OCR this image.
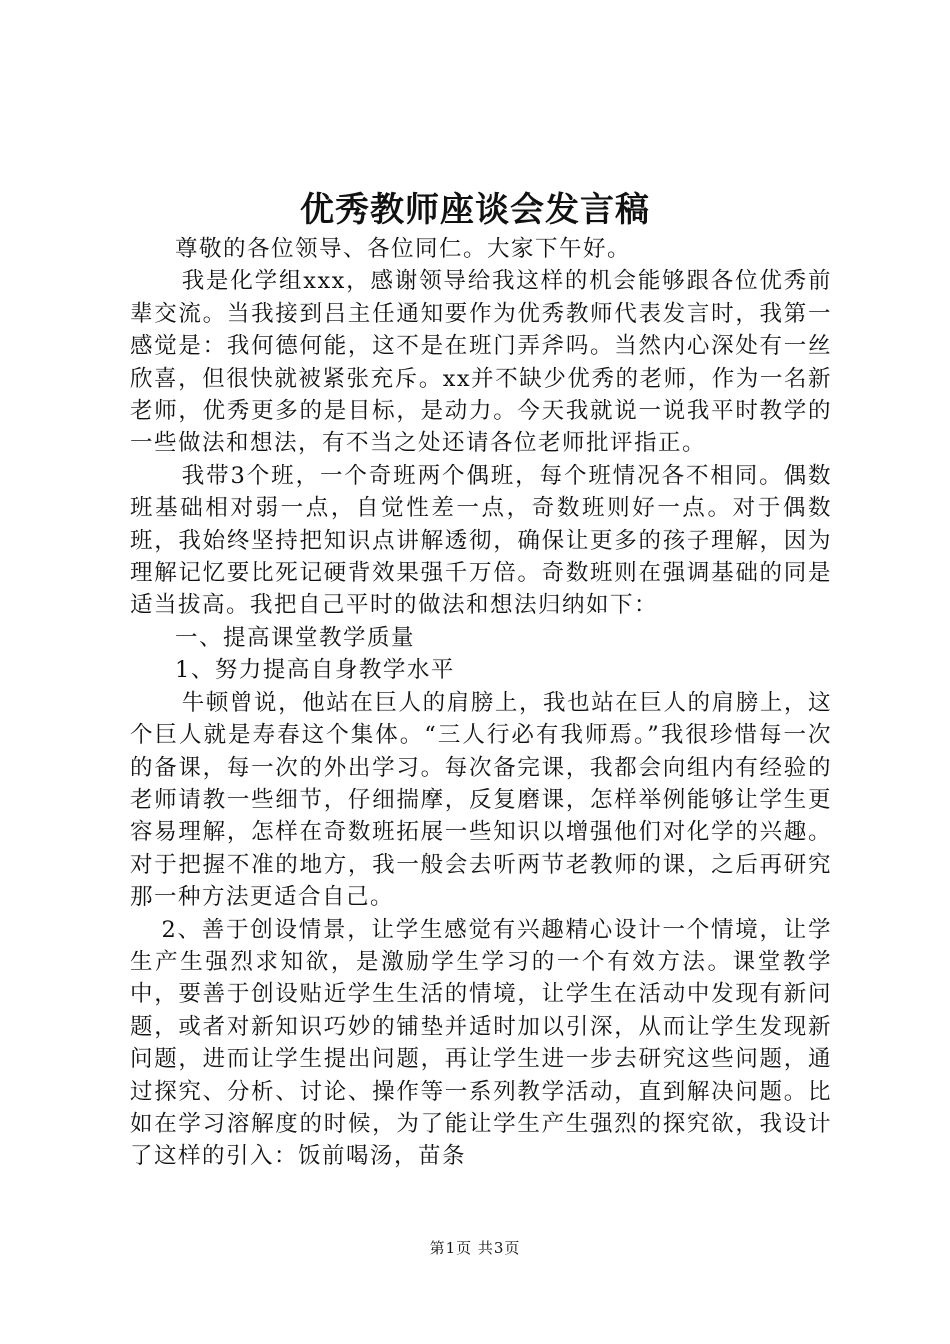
优秀教师座谈会发言稿

尊敬的各位领导、各位同仁。大家下午好。

我是化学组xxx，感谢领导给我这样的机会能够跟各位优秀前辈交流。当我接到吕主任通知要作为优秀教师代表发言时，我第一感觉是：我何德何能，这不是在班门弄斧吗。当然内心深处有一丝欣喜，但很快就被紧张充斥。xx并不缺少优秀的老师，作为一名新老师，优秀更多的是目标，是动力。今天我就说一说我平时教学的一些做法和想法，有不当之处还请各位老师批评指正。

我带3个班，一个奇班两个偶班，每个班情况各不相同。偶数班基础相对弱一点，自觉性差一点，奇数班则好一点。对于偶数班，我始终坚持把知识点讲解透彻，确保让更多的孩子理解，因为理解记忆要比死记硬背效果强千万倍。奇数班则在强调基础的同是适当拔高。我把自己平时的做法和想法归纳如下：

一、提高课堂教学质量

1、努力提高自身教学水平

牛顿曾说，他站在巨人的肩膀上，我也站在巨人的肩膀上，这个巨人就是寿春这个集体。“三人行必有我师焉。”我很珍惜每一次的备课，每一次的外出学习。每次备完课，我都会向组内有经验的老师请教一些细节，仔细揣摩，反复磨课，怎样举例能够让学生更容易理解，怎样在奇数班拓展一些知识以增强他们对化学的兴趣。对于把握不准的地方，我一般会去听两节老教师的课，之后再研究那一种方法更适合自己。

2、善于创设情景，让学生感觉有兴趣精心设计一个情境，让学生产生强烈求知欲，是激励学生学习的一个有效方法。课堂教学中，要善于创设贴近学生生活的情境，让学生在活动中发现有新问题，或者对新知识巧妙的铺垫并适时加以引深，从而让学生发现新问题，进而让学生提出问题，再让学生进一步去研究这些问题，通过探究、分析、讨论、操作等一系列教学活动，直到解决问题。比如在学习溶解度的时候，为了能让学生产生强烈的探究欲，我设计了这样的引入：饭前喝汤，苗条

第1页 共3页
